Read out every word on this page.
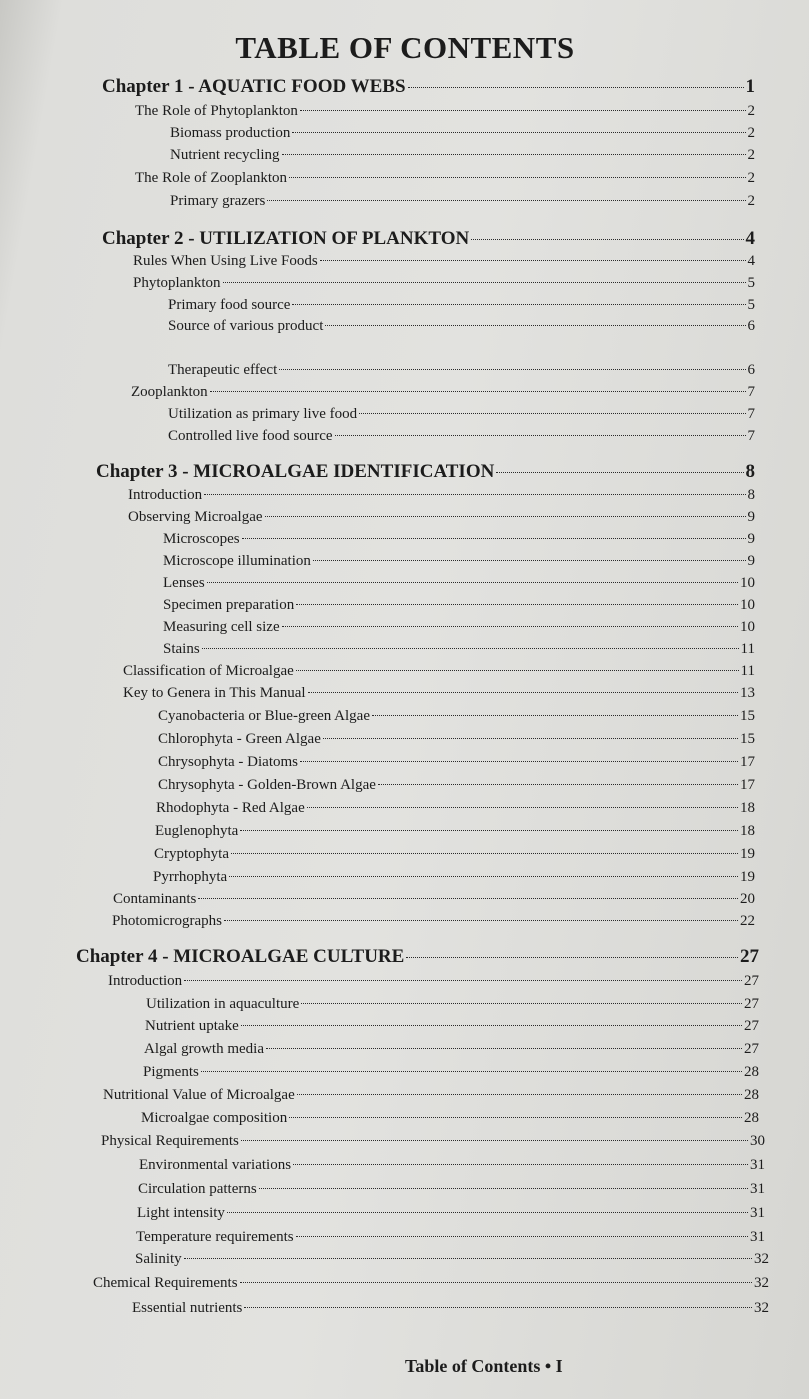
TABLE OF CONTENTS
Chapter 1 - AQUATIC FOOD WEBS	1
The Role of Phytoplankton	2
Biomass production	2
Nutrient recycling	2
The Role of Zooplankton	2
Primary grazers	2
Chapter 2 - UTILIZATION OF PLANKTON	4
Rules When Using Live Foods	4
Phytoplankton	5
Primary food source	5
Source of various product	6
Therapeutic effect	6
Zooplankton	7
Utilization as primary live food	7
Controlled live food source	7
Chapter 3 - MICROALGAE IDENTIFICATION	8
Introduction	8
Observing Microalgae	9
Microscopes	9
Microscope illumination	9
Lenses	10
Specimen preparation	10
Measuring cell size	10
Stains	11
Classification of Microalgae	11
Key to Genera in This Manual	13
Cyanobacteria or Blue-green Algae	15
Chlorophyta - Green Algae	15
Chrysophyta - Diatoms	17
Chrysophyta - Golden-Brown Algae	17
Rhodophyta - Red Algae	18
Euglenophyta	18
Cryptophyta	19
Pyrrhophyta	19
Contaminants	20
Photomicrographs	22
Chapter 4 - MICROALGAE CULTURE	27
Introduction	27
Utilization in aquaculture	27
Nutrient uptake	27
Algal growth media	27
Pigments	28
Nutritional Value of Microalgae	28
Microalgae composition	28
Physical Requirements	30
Environmental variations	31
Circulation patterns	31
Light intensity	31
Temperature requirements	31
Salinity	32
Chemical Requirements	32
Essential nutrients	32
Table of Contents • I
